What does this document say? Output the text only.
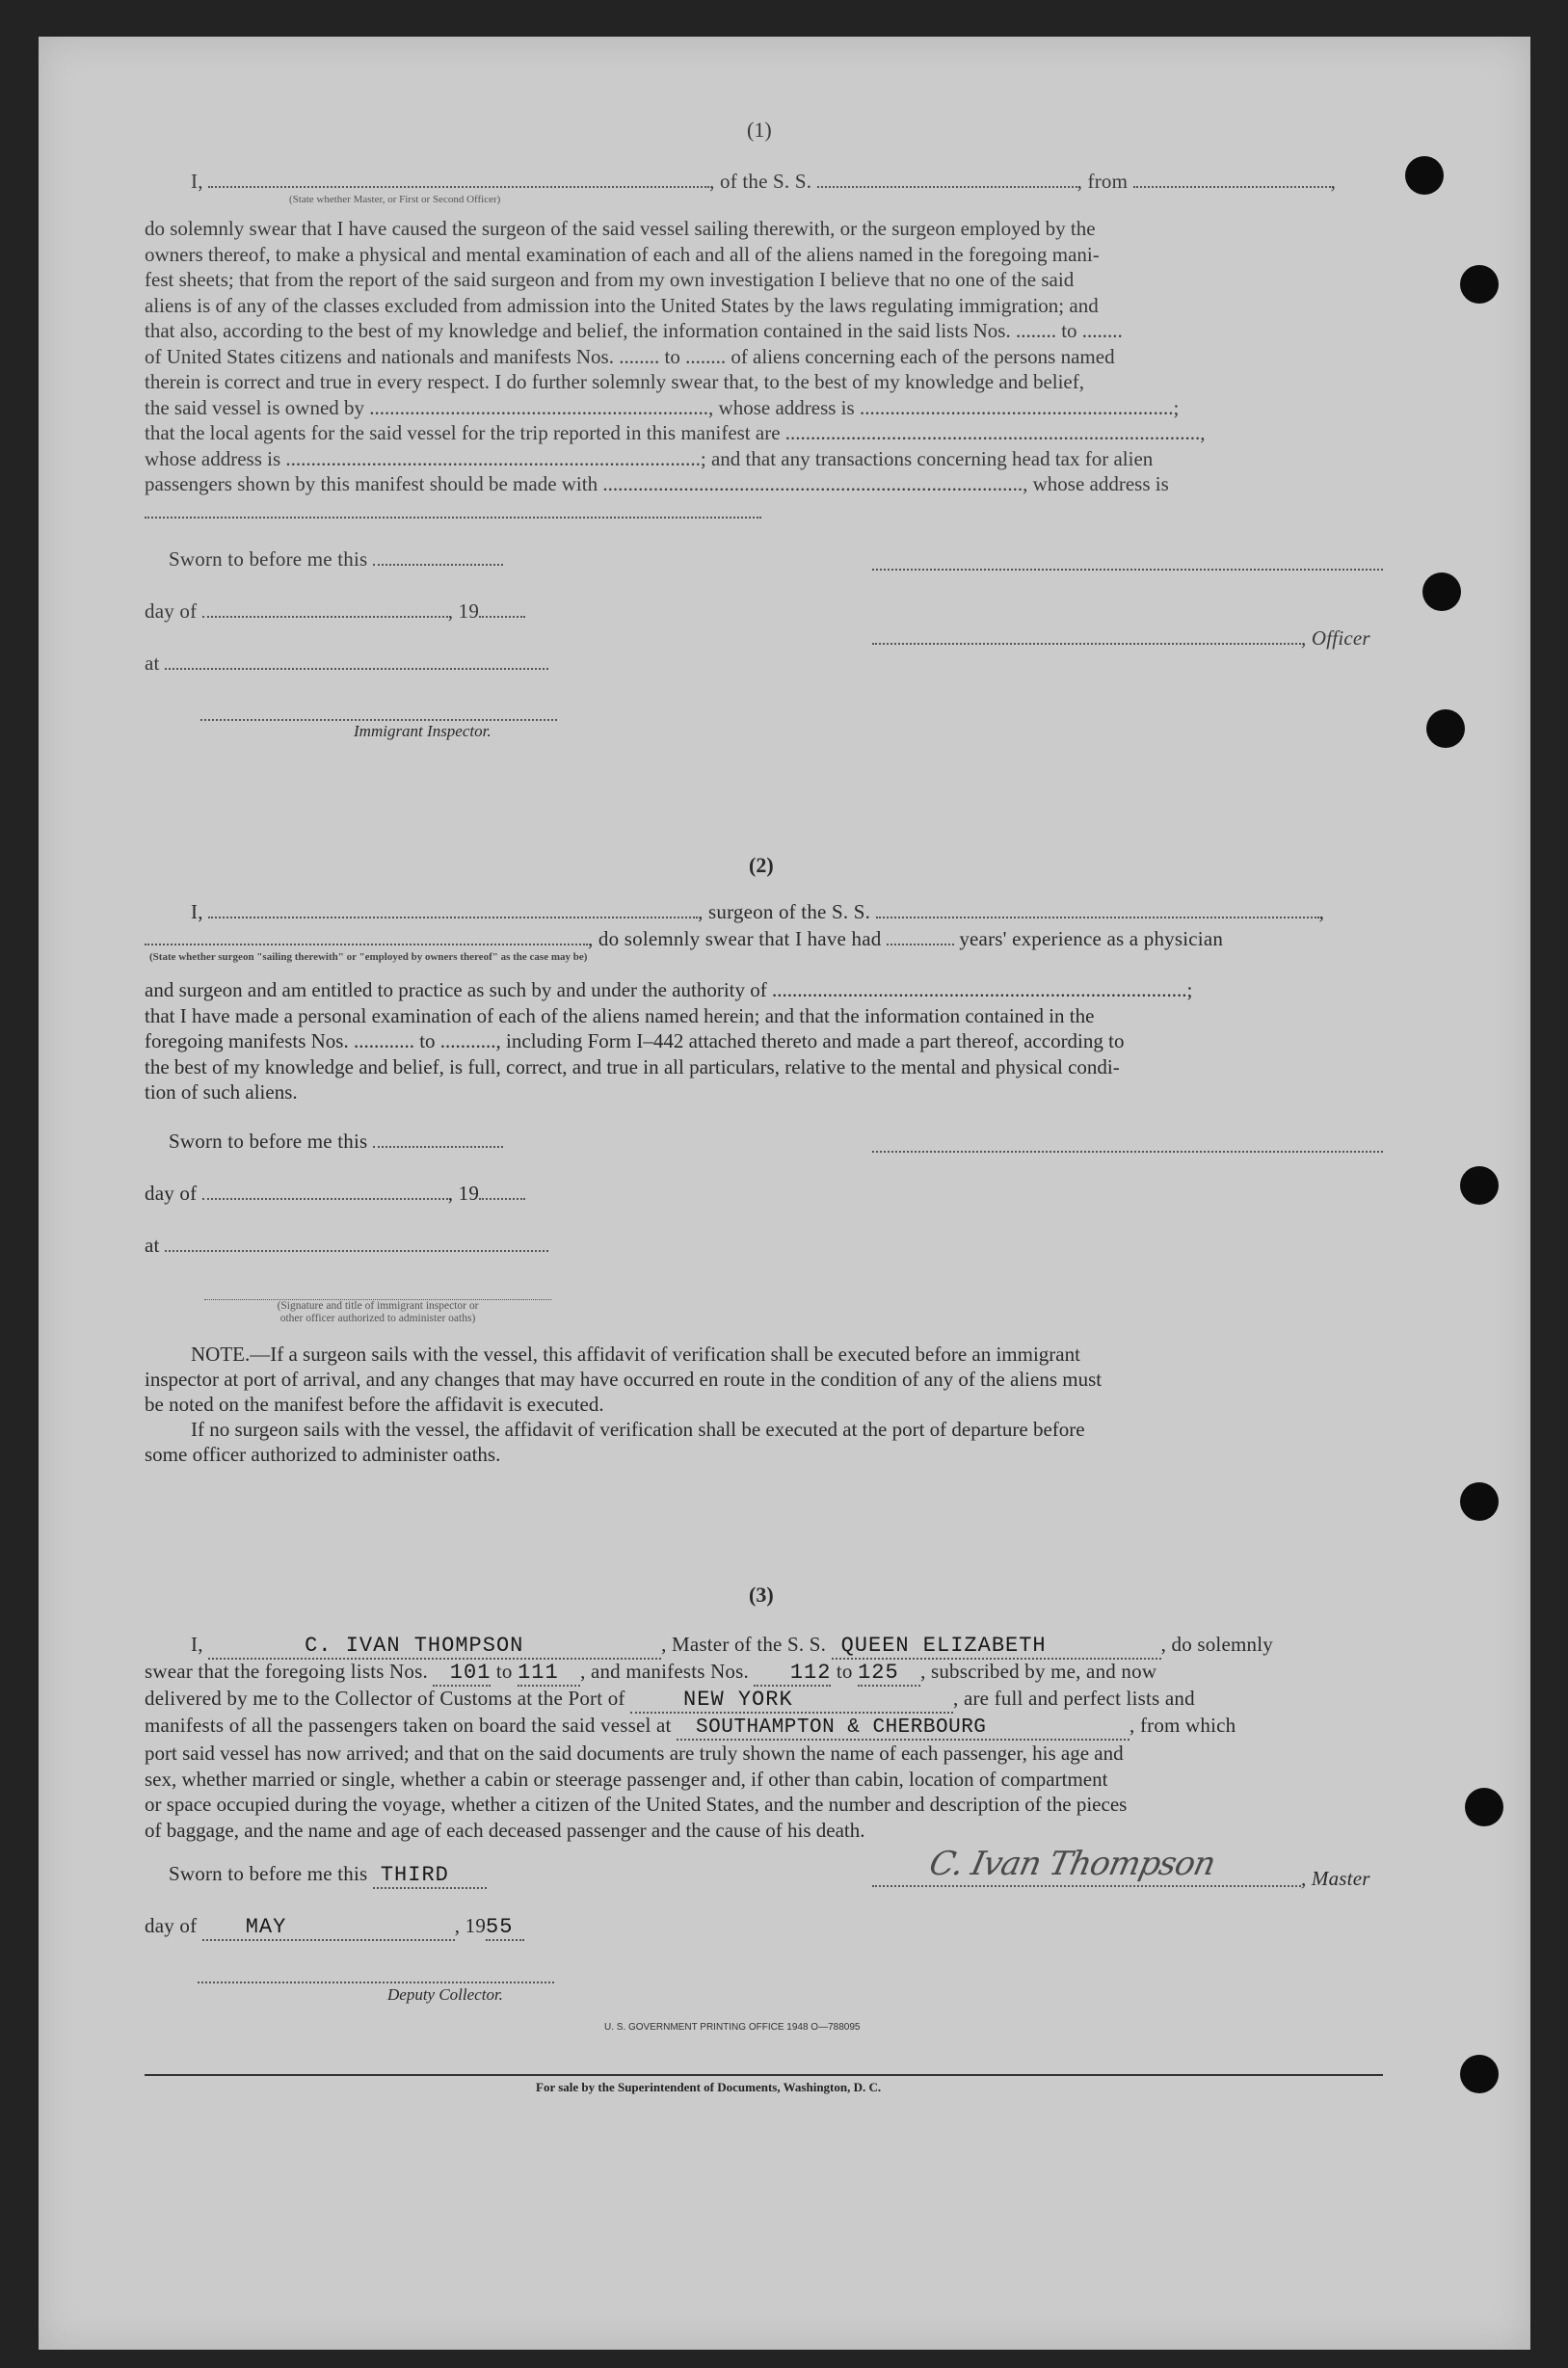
(1)
I,	, of the S. S.	, from	,
(State whether Master, or First or Second Officer)
do solemnly swear that I have caused the surgeon of the said vessel sailing therewith, or the surgeon employed by the
owners thereof, to make a physical and mental examination of each and all of the aliens named in the foregoing mani-
fest sheets; that from the report of the said surgeon and from my own investigation I believe that no one of the said
aliens is of any of the classes excluded from admission into the United States by the laws regulating immigration; and
that also, according to the best of my knowledge and belief, the information contained in the said lists Nos. ........ to ........
of United States citizens and nationals and manifests Nos. ........ to ........ of aliens concerning each of the persons named
therein is correct and true in every respect. I do further solemnly swear that, to the best of my knowledge and belief,
the said vessel is owned by ..................................................................., whose address is ..............................................................;
that the local agents for the said vessel for the trip reported in this manifest are ..................................................................................,
whose address is ..................................................................................; and that any transactions concerning head tax for alien
passengers shown by this manifest should be made with ..................................................................................., whose address is
Sworn to before me this
day of	, 19
, Officer
at
Immigrant Inspector.
(2)
I,	, surgeon of the S. S.	,
, do solemnly swear that I have had	years' experience as a physician
(State whether surgeon "sailing therewith" or "employed by owners thereof" as the case may be)
and surgeon and am entitled to practice as such by and under the authority of ..................................................................................;
that I have made a personal examination of each of the aliens named herein; and that the information contained in the
foregoing manifests Nos. ............ to ..........., including Form I–442 attached thereto and made a part thereof, according to
the best of my knowledge and belief, is full, correct, and true in all particulars, relative to the mental and physical condi-
tion of such aliens.
Sworn to before me this
day of	, 19
at
(Signature and title of immigrant inspector or
other officer authorized to administer oaths)
NOTE.—If a surgeon sails with the vessel, this affidavit of verification shall be executed before an immigrant
inspector at port of arrival, and any changes that may have occurred en route in the condition of any of the aliens must
be noted on the manifest before the affidavit is executed.
If no surgeon sails with the vessel, the affidavit of verification shall be executed at the port of departure before
some officer authorized to administer oaths.
(3)
I,	C. IVAN THOMPSON	, Master of the S. S. QUEEN ELIZABETH	, do solemnly
swear that the foregoing lists Nos. 101 to 111 , and manifests Nos. 112 to 125 , subscribed by me, and now
delivered by me to the Collector of Customs at the Port of	NEW YORK	, are full and perfect lists and
manifests of all the passengers taken on board the said vessel at SOUTHAMPTON & CHERBOURG	, from which
port said vessel has now arrived; and that on the said documents are truly shown the name of each passenger, his age and
sex, whether married or single, whether a cabin or steerage passenger and, if other than cabin, location of compartment
or space occupied during the voyage, whether a citizen of the United States, and the number and description of the pieces
of baggage, and the name and age of each deceased passenger and the cause of his death.
Sworn to before me this THIRD	C. Ivan Thompson	, Master
day of MAY	, 1955
Deputy Collector.
U. S. GOVERNMENT PRINTING OFFICE 1948 O—788095
For sale by the Superintendent of Documents, Washington, D. C.
